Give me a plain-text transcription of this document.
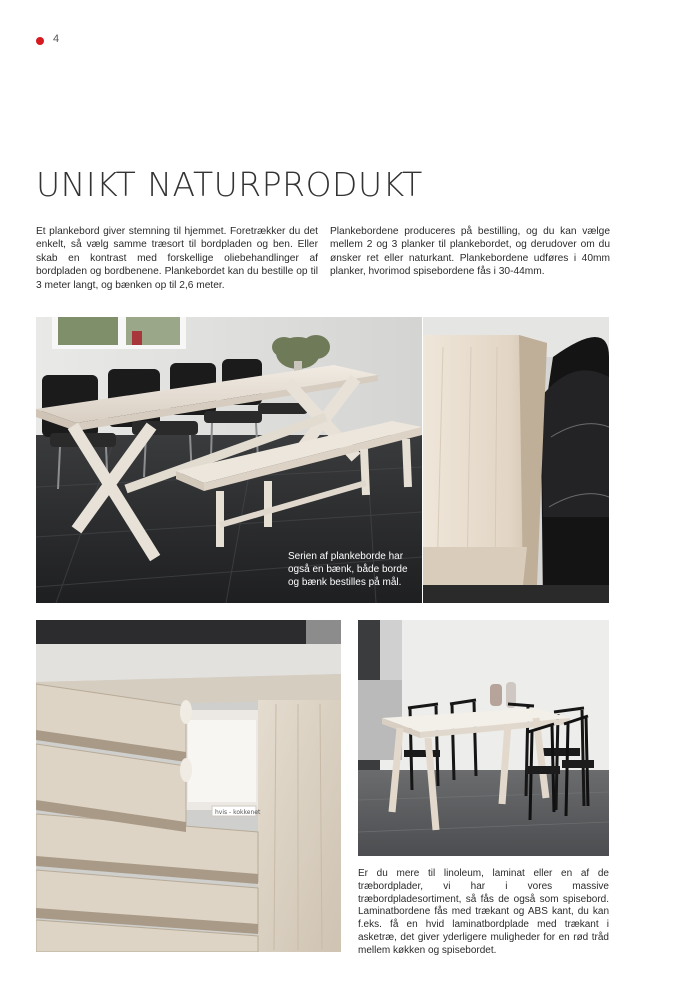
4
UNIKT NATURPRODUKT

Et plankebord giver stemning til hjemmet. Foretrækker du det enkelt, så vælg samme træsort til bordpladen og ben. Eller skab en kontrast med forskellige oliebehandlinger af bordpladen og bordbenene. Plankebordet kan du bestille op til 3 meter langt, og bænken op til 2,6 meter.

Plankebordene produceres på bestilling, og du kan vælge mellem 2 og 3 planker til plankebordet, og derudover om du ønsker ret eller naturkant. Plankebordene udføres i 40mm planker, hvorimod spisebordene fås i 30-44mm.

Serien af plankeborde har også en bænk, både borde og bænk bestilles på mål.

hvis - kokkenet

Er du mere til linoleum, laminat eller en af de træbordplader, vi har i vores massive træbordpladesortiment, så fås de også som spisebord. Laminatbordene fås med trækant og ABS kant, du kan f.eks. få en hvid laminatbordplade med trækant i asketræ, det giver yderligere muligheder for en rød tråd mellem køkken og spisebordet.
